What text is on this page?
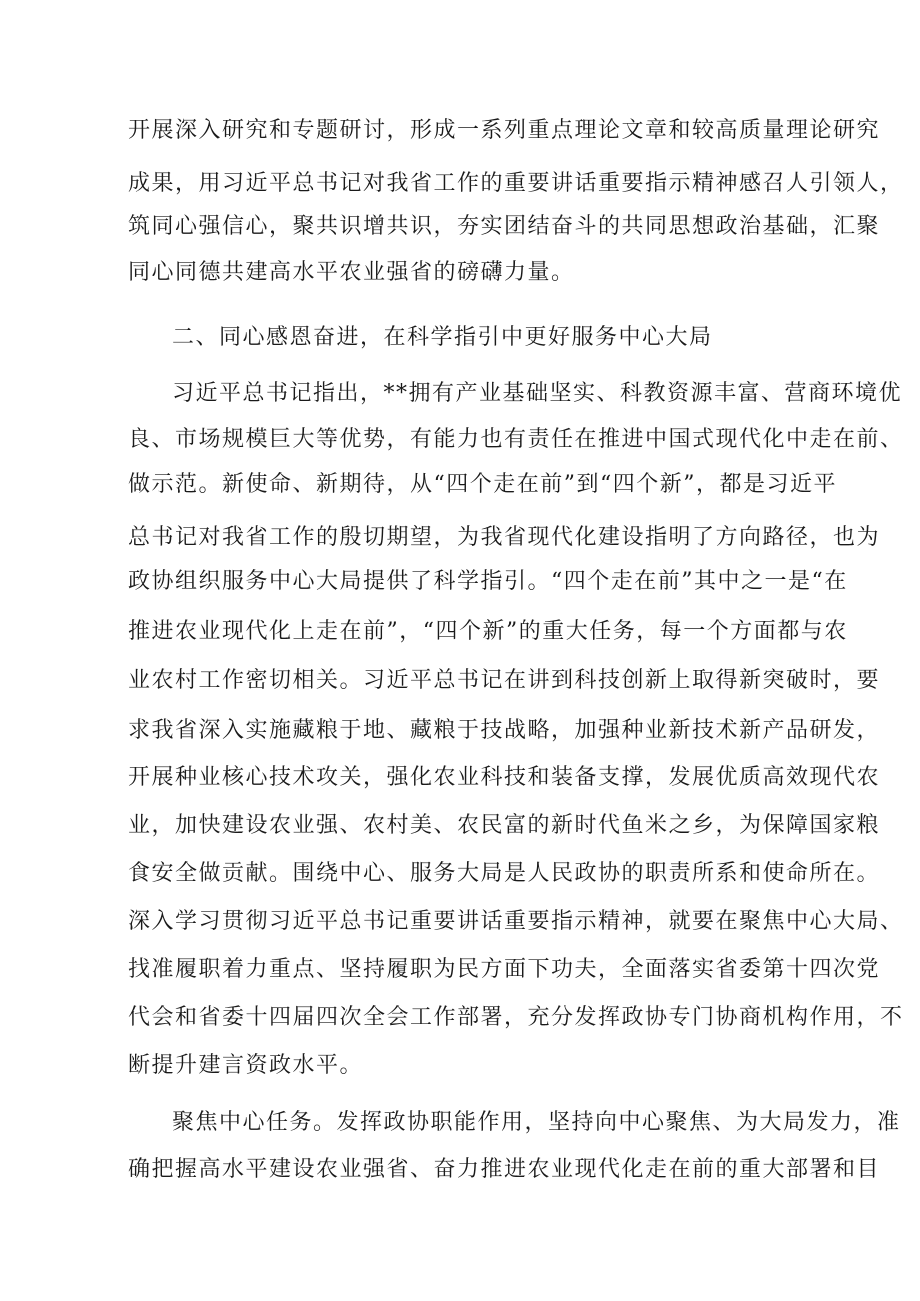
开展深入研究和专题研讨，形成一系列重点理论文章和较高质量理论研究
成果，用习近平总书记对我省工作的重要讲话重要指示精神感召人引领人，
筑同心强信心，聚共识增共识，夯实团结奋斗的共同思想政治基础，汇聚
同心同德共建高水平农业强省的磅礴力量。
二、同心感恩奋进，在科学指引中更好服务中心大局
习近平总书记指出，**拥有产业基础坚实、科教资源丰富、营商环境优
良、市场规模巨大等优势，有能力也有责任在推进中国式现代化中走在前、
做示范。新使命、新期待，从“四个走在前”到“四个新”，都是习近平
总书记对我省工作的殷切期望，为我省现代化建设指明了方向路径，也为
政协组织服务中心大局提供了科学指引。“四个走在前”其中之一是“在
推进农业现代化上走在前”，“四个新”的重大任务，每一个方面都与农
业农村工作密切相关。习近平总书记在讲到科技创新上取得新突破时，要
求我省深入实施藏粮于地、藏粮于技战略，加强种业新技术新产品研发，
开展种业核心技术攻关，强化农业科技和装备支撑，发展优质高效现代农
业，加快建设农业强、农村美、农民富的新时代鱼米之乡，为保障国家粮
食安全做贡献。围绕中心、服务大局是人民政协的职责所系和使命所在。
深入学习贯彻习近平总书记重要讲话重要指示精神，就要在聚焦中心大局、
找准履职着力重点、坚持履职为民方面下功夫，全面落实省委第十四次党
代会和省委十四届四次全会工作部署，充分发挥政协专门协商机构作用，不
断提升建言资政水平。
聚焦中心任务。发挥政协职能作用，坚持向中心聚焦、为大局发力，准
确把握高水平建设农业强省、奋力推进农业现代化走在前的重大部署和目
